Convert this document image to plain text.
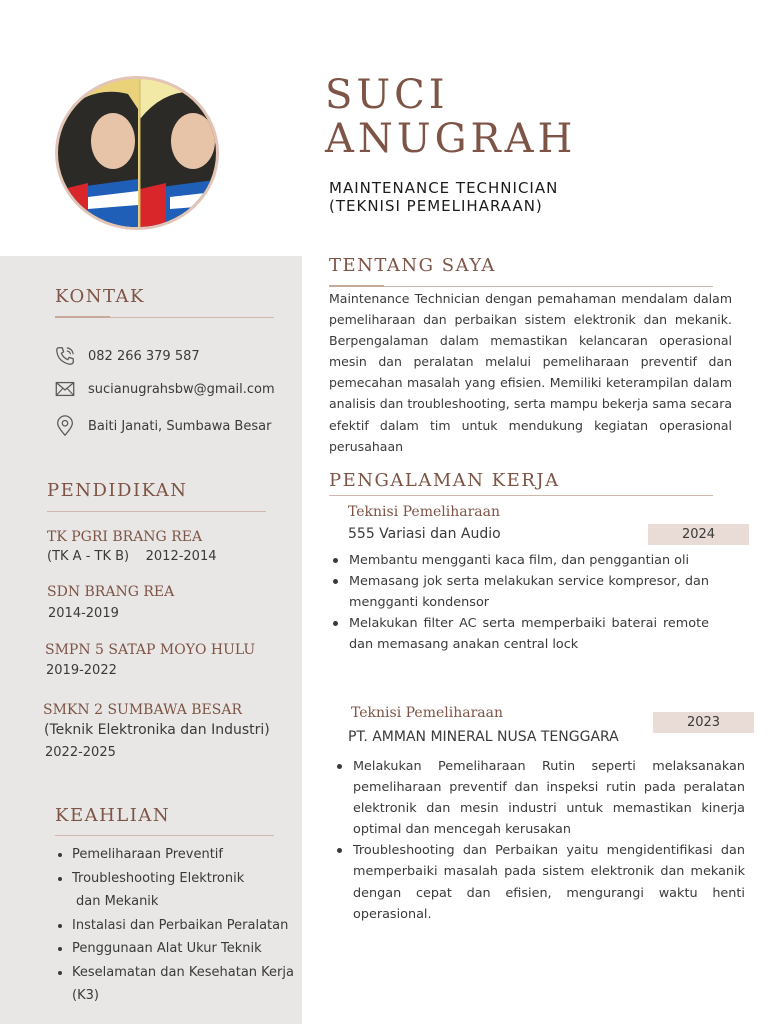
SUCI
ANUGRAH
MAINTENANCE TECHNICIAN
(TEKNISI PEMELIHARAAN)
KONTAK
082 266 379 587
sucianugrahsbw@gmail.com
Baiti Janati, Sumbawa Besar
PENDIDIKAN
TK PGRI BRANG REA
(TK A - TK B)    2012-2014
SDN BRANG REA
2014-2019
SMPN 5 SATAP MOYO HULU
2019-2022
SMKN 2 SUMBAWA BESAR
(Teknik Elektronika dan Industri)
2022-2025
KEAHLIAN
Pemeliharaan Preventif
Troubleshooting Elektronik
dan Mekanik
Instalasi dan Perbaikan Peralatan
Penggunaan Alat Ukur Teknik
Keselamatan dan Kesehatan Kerja
(K3)
TENTANG SAYA
Maintenance Technician dengan pemahaman mendalam dalam pemeliharaan dan perbaikan sistem elektronik dan mekanik. Berpengalaman dalam memastikan kelancaran operasional mesin dan peralatan melalui pemeliharaan preventif dan pemecahan masalah yang efisien. Memiliki keterampilan dalam analisis dan troubleshooting, serta mampu bekerja sama secara efektif dalam tim untuk mendukung kegiatan operasional perusahaan
PENGALAMAN KERJA
Teknisi Pemeliharaan
555 Variasi dan Audio	2024
Membantu mengganti kaca film, dan penggantian oli
Memasang jok serta melakukan service kompresor, dan mengganti kondensor
Melakukan filter AC serta memperbaiki baterai remote dan memasang anakan central lock
Teknisi Pemeliharaan
PT. AMMAN MINERAL NUSA TENGGARA
2023
Melakukan Pemeliharaan Rutin seperti melaksanakan pemeliharaan preventif dan inspeksi rutin pada peralatan elektronik dan mesin industri untuk memastikan kinerja optimal dan mencegah kerusakan
Troubleshooting dan Perbaikan yaitu mengidentifikasi dan memperbaiki masalah pada sistem elektronik dan mekanik dengan cepat dan efisien, mengurangi waktu henti operasional.
